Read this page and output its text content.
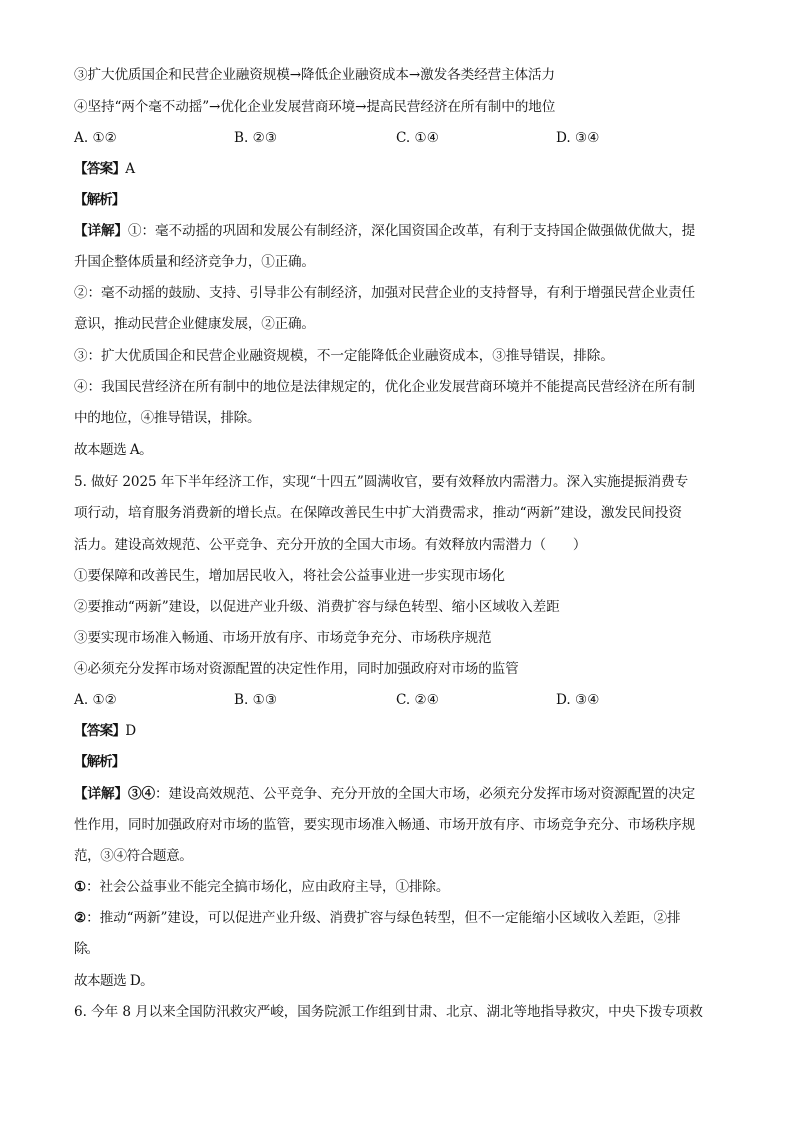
③扩大优质国企和民营企业融资规模→降低企业融资成本→激发各类经营主体活力
④坚持“两个毫不动摇”→优化企业发展营商环境→提高民营经济在所有制中的地位
A. ①②	B. ②③	C. ①④	D. ③④
【答案】A
【解析】
【详解】①：毫不动摇的巩固和发展公有制经济，深化国资国企改革，有利于支持国企做强做优做大，提
升国企整体质量和经济竞争力，①正确。
②：毫不动摇的鼓励、支持、引导非公有制经济，加强对民营企业的支持督导，有利于增强民营企业责任
意识，推动民营企业健康发展，②正确。
③：扩大优质国企和民营企业融资规模，不一定能降低企业融资成本，③推导错误，排除。
④：我国民营经济在所有制中的地位是法律规定的，优化企业发展营商环境并不能提高民营经济在所有制
中的地位，④推导错误，排除。
故本题选 A。
5. 做好 2025 年下半年经济工作，实现“十四五”圆满收官，要有效释放内需潜力。深入实施提振消费专
项行动，培育服务消费新的增长点。在保障改善民生中扩大消费需求，推动“两新”建设，激发民间投资
活力。建设高效规范、公平竞争、充分开放的全国大市场。有效释放内需潜力（　　）
①要保障和改善民生，增加居民收入，将社会公益事业进一步实现市场化
②要推动“两新”建设，以促进产业升级、消费扩容与绿色转型、缩小区域收入差距
③要实现市场准入畅通、市场开放有序、市场竞争充分、市场秩序规范
④必须充分发挥市场对资源配置的决定性作用，同时加强政府对市场的监管
A. ①②	B. ①③	C. ②④	D. ③④
【答案】D
【解析】
【详解】③④：建设高效规范、公平竞争、充分开放的全国大市场，必须充分发挥市场对资源配置的决定
性作用，同时加强政府对市场的监管，要实现市场准入畅通、市场开放有序、市场竞争充分、市场秩序规
范，③④符合题意。
①：社会公益事业不能完全搞市场化，应由政府主导，①排除。
②：推动“两新”建设，可以促进产业升级、消费扩容与绿色转型，但不一定能缩小区域收入差距，②排
除。
故本题选 D。
6. 今年 8 月以来全国防汛救灾严峻，国务院派工作组到甘肃、北京、湖北等地指导救灾，中央下拨专项救
